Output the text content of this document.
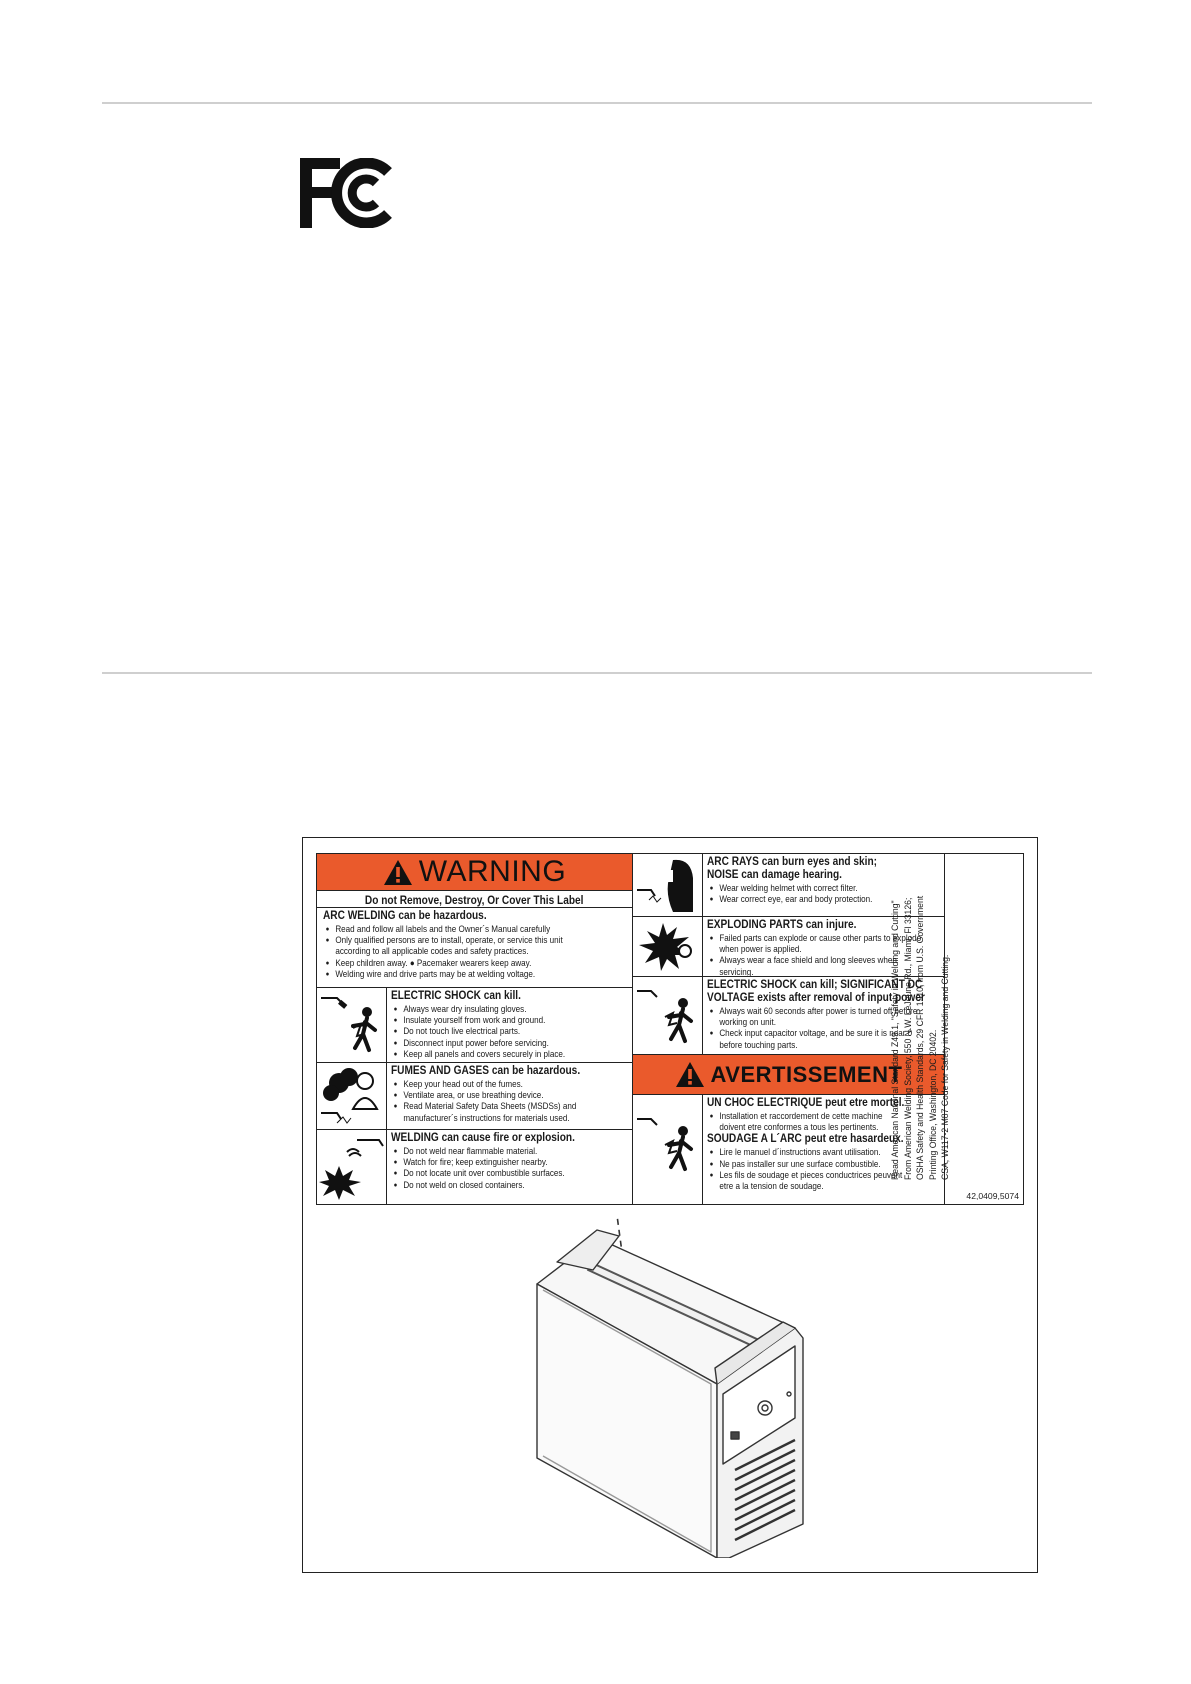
WARNING
Do not Remove, Destroy, Or Cover This Label
ARC WELDING can be hazardous.
● Read and follow all labels and the Owner´s Manual carefully
● Only qualified persons are to install, operate, or service this unit
according to all applicable codes and safety practices.
● Keep children away. ● Pacemaker wearers keep away.
● Welding wire and drive parts may be at welding voltage.
ELECTRIC SHOCK can kill.
● Always wear dry insulating gloves.
● Insulate yourself from work and ground.
● Do not touch live electrical parts.
● Disconnect input power before servicing.
● Keep all panels and covers securely in place.
FUMES AND GASES can be hazardous.
● Keep your head out of the fumes.
● Ventilate area, or use breathing device.
● Read Material Safety Data Sheets (MSDSs) and
manufacturer´s instructions for materials used.
WELDING can cause fire or explosion.
● Do not weld near flammable material.
● Watch for fire; keep extinguisher nearby.
● Do not locate unit over combustible surfaces.
● Do not weld on closed containers.
ARC RAYS can burn eyes and skin;
NOISE can damage hearing.
● Wear welding helmet with correct filter.
● Wear correct eye, ear and body protection.
EXPLODING PARTS can injure.
● Failed parts can explode or cause other parts to explode
when power is applied.
● Always wear a face shield and long sleeves when
servicing.
ELECTRIC SHOCK can kill; SIGNIFICANT DC
VOLTAGE exists after removal of input power
● Always wait 60 seconds after power is turned off before
working on unit.
● Check input capacitor voltage, and be sure it is near 0
before touching parts.
AVERTISSEMENT
UN CHOC ELECTRIQUE peut etre mortel.
● Installation et raccordement de cette machine
doivent etre conformes a tous les pertinents.
SOUDAGE A L´ARC peut etre hasardeux.
● Lire le manuel d´instructions avant utilisation.
● Ne pas installer sur une surface combustible.
● Les fils de soudage et pieces conductrices peuvent
etre a la tension de soudage.
Read American National Standard Z49.1, "Safety in Welding and Cutting" From American Welding Society, 550 N.W. LeJeune Rd., Miami, Fl 33126; OSHA Safety and Health Standards, 29 CFR 1910, from U.S. Government Printing Office, Washington, DC 20402. CSA, W117-2 M87 Code for Safety in Welding and Cutting.
42,0409,5074
